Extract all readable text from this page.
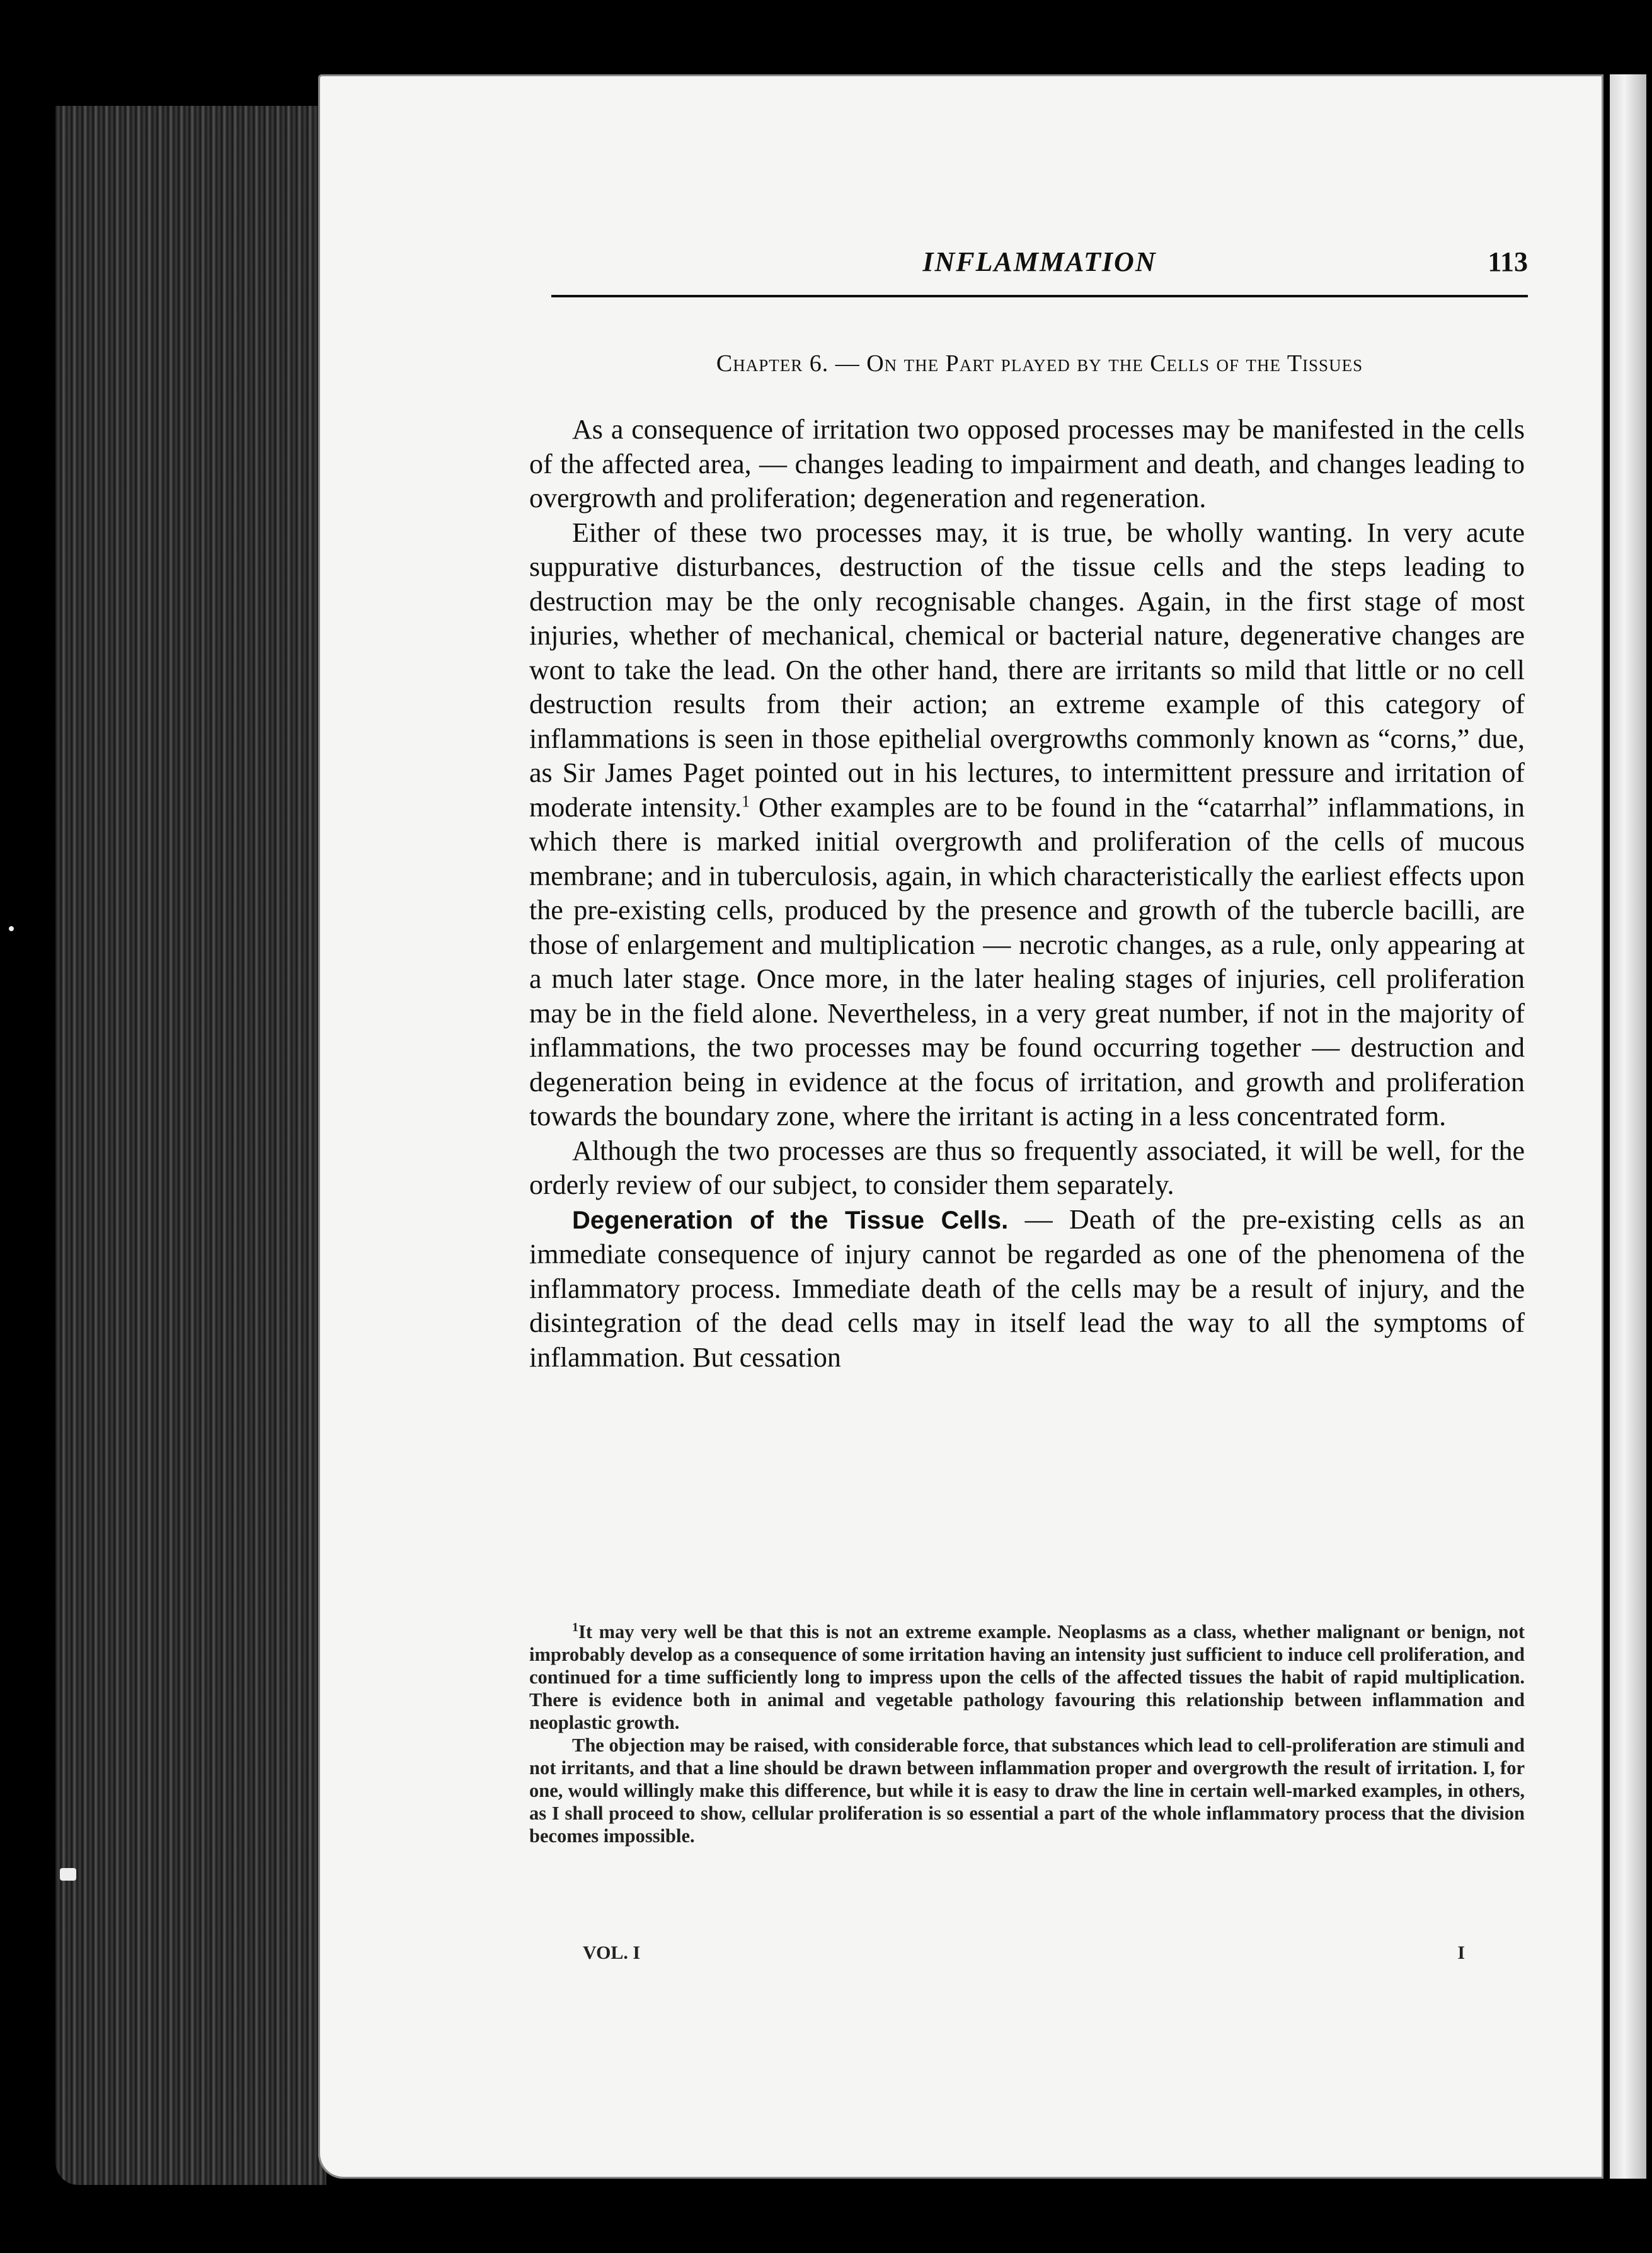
INFLAMMATION	113
Chapter 6. — On the Part played by the Cells of the Tissues

As a consequence of irritation two opposed processes may be manifested in the cells of the affected area, — changes leading to impairment and death, and changes leading to overgrowth and proliferation; degeneration and regeneration.

Either of these two processes may, it is true, be wholly wanting. In very acute suppurative disturbances, destruction of the tissue cells and the steps leading to destruction may be the only recognisable changes. Again, in the first stage of most injuries, whether of mechanical, chemical or bacterial nature, degenerative changes are wont to take the lead. On the other hand, there are irritants so mild that little or no cell destruction results from their action; an extreme example of this category of inflammations is seen in those epithelial overgrowths commonly known as “corns,” due, as Sir James Paget pointed out in his lectures, to intermittent pressure and irritation of moderate intensity.$^1$ Other examples are to be found in the “catarrhal” inflammations, in which there is marked initial overgrowth and proliferation of the cells of mucous membrane; and in tuberculosis, again, in which characteristically the earliest effects upon the pre-existing cells, produced by the presence and growth of the tubercle bacilli, are those of enlargement and multiplication — necrotic changes, as a rule, only appearing at a much later stage. Once more, in the later healing stages of injuries, cell proliferation may be in the field alone. Nevertheless, in a very great number, if not in the majority of inflammations, the two processes may be found occurring together — destruction and degeneration being in evidence at the focus of irritation, and growth and proliferation towards the boundary zone, where the irritant is acting in a less concentrated form.

Although the two processes are thus so frequently associated, it will be well, for the orderly review of our subject, to consider them separately.

Degeneration of the Tissue Cells. — Death of the pre-existing cells as an immediate consequence of injury cannot be regarded as one of the phenomena of the inflammatory process. Immediate death of the cells may be a result of injury, and the disintegration of the dead cells may in itself lead the way to all the symptoms of inflammation. But cessation

$^1$It may very well be that this is not an extreme example. Neoplasms as a class, whether malignant or benign, not improbably develop as a consequence of some irritation having an intensity just sufficient to induce cell proliferation, and continued for a time sufficiently long to impress upon the cells of the affected tissues the habit of rapid multiplication. There is evidence both in animal and vegetable pathology favouring this relationship between inflammation and neoplastic growth.

The objection may be raised, with considerable force, that substances which lead to cell-proliferation are stimuli and not irritants, and that a line should be drawn between inflammation proper and overgrowth the result of irritation. I, for one, would willingly make this difference, but while it is easy to draw the line in certain well-marked examples, in others, as I shall proceed to show, cellular proliferation is so essential a part of the whole inflammatory process that the division becomes impossible.

VOL. I	I
